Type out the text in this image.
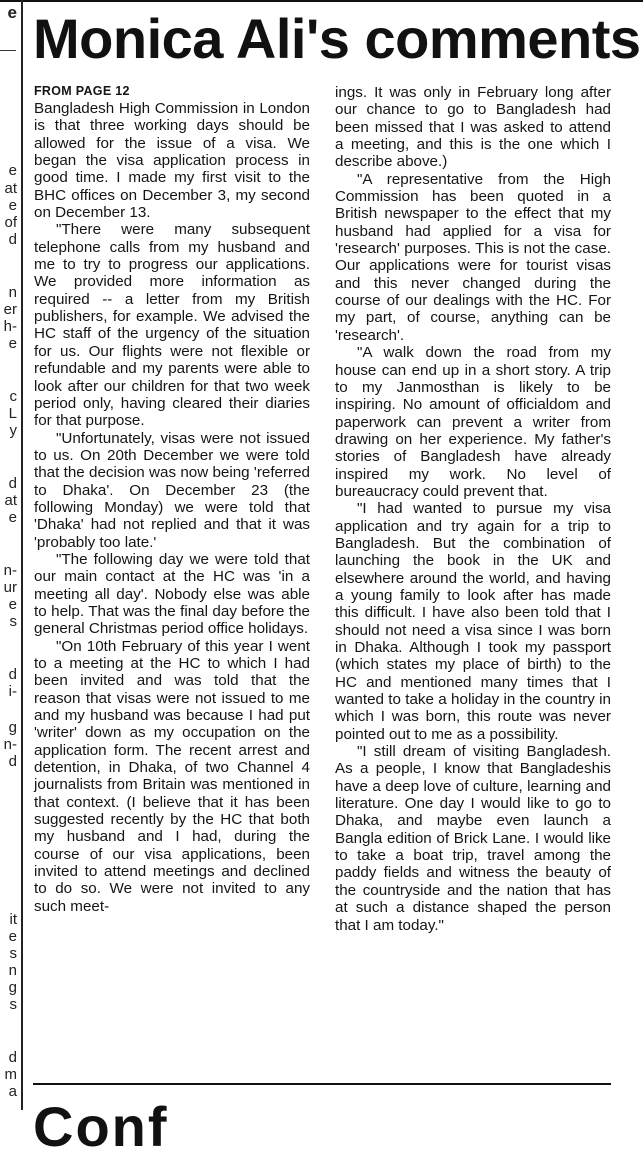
e
e
at
e
of
d
n
er
h-
e
c
L
y
d
at
e
n-
ur
e
s
d
i-
g
n-
d
it
e
s
n
g
s
d
m
a
Monica Ali's comments
FROM PAGE 12

Bangladesh High Commission in London is that three working days should be allowed for the issue of a visa. We began the visa application process in good time. I made my first visit to the BHC offices on December 3, my second on December 13.

"There were many subsequent telephone calls from my husband and me to try to progress our applications. We provided more information as required -- a letter from my British publishers, for example. We advised the HC staff of the urgency of the situation for us. Our flights were not flexible or refundable and my parents were able to look after our children for that two week period only, having cleared their diaries for that purpose.

"Unfortunately, visas were not issued to us. On 20th December we were told that the decision was now being 'referred to Dhaka'. On December 23 (the following Monday) we were told that 'Dhaka' had not replied and that it was 'probably too late.'

"The following day we were told that our main contact at the HC was 'in a meeting all day'. Nobody else was able to help. That was the final day before the general Christmas period office holidays.

"On 10th February of this year I went to a meeting at the HC to which I had been invited and was told that the reason that visas were not issued to me and my husband was because I had put 'writer' down as my occupation on the application form. The recent arrest and detention, in Dhaka, of two Channel 4 journalists from Britain was mentioned in that context. (I believe that it has been suggested recently by the HC that both my husband and I had, during the course of our visa applications, been invited to attend meetings and declined to do so. We were not invited to any such meet-

ings. It was only in February long after our chance to go to Bangladesh had been missed that I was asked to attend a meeting, and this is the one which I describe above.)

"A representative from the High Commission has been quoted in a British newspaper to the effect that my husband had applied for a visa for 'research' purposes. This is not the case. Our applications were for tourist visas and this never changed during the course of our dealings with the HC. For my part, of course, anything can be 'research'.

"A walk down the road from my house can end up in a short story. A trip to my Janmosthan is likely to be inspiring. No amount of officialdom and paperwork can prevent a writer from drawing on her experience. My father's stories of Bangladesh have already inspired my work. No level of bureaucracy could prevent that.

"I had wanted to pursue my visa application and try again for a trip to Bangladesh. But the combination of launching the book in the UK and elsewhere around the world, and having a young family to look after has made this difficult. I have also been told that I should not need a visa since I was born in Dhaka. Although I took my passport (which states my place of birth) to the HC and mentioned many times that I wanted to take a holiday in the country in which I was born, this route was never pointed out to me as a possibility.

"I still dream of visiting Bangladesh. As a people, I know that Bangladeshis have a deep love of culture, learning and literature. One day I would like to go to Dhaka, and maybe even launch a Bangla edition of Brick Lane. I would like to take a boat trip, travel among the paddy fields and witness the beauty of the countryside and the nation that has at such a distance shaped the person that I am today."

Conf
